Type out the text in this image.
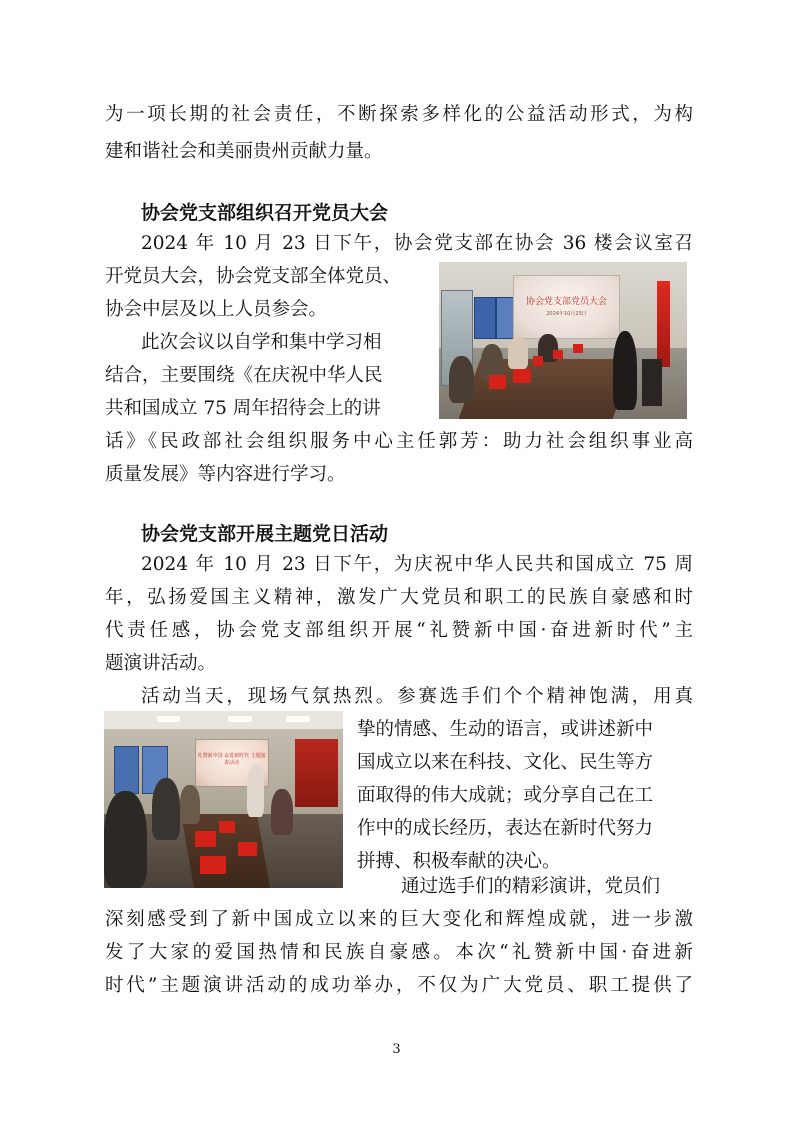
为一项长期的社会责任，不断探索多样化的公益活动形式，为构
建和谐社会和美丽贵州贡献力量。
协会党支部组织召开党员大会
2024 年 10 月 23 日下午，协会党支部在协会 36 楼会议室召
开党员大会，协会党支部全体党员、
协会中层及以上人员参会。
此次会议以自学和集中学习相
结合，主要围绕《在庆祝中华人民
共和国成立 75 周年招待会上的讲
话》《民政部社会组织服务中心主任郭芳：助力社会组织事业高
质量发展》等内容进行学习。
协会党支部党员大会
2024年10月23日
协会党支部开展主题党日活动
2024 年 10 月 23 日下午，为庆祝中华人民共和国成立 75 周
年，弘扬爱国主义精神，激发广大党员和职工的民族自豪感和时
代责任感，协会党支部组织开展“礼赞新中国·奋进新时代”主
题演讲活动。
活动当天，现场气氛热烈。参赛选手们个个精神饱满，用真
挚的情感、生动的语言，或讲述新中
国成立以来在科技、文化、民生等方
面取得的伟大成就；或分享自己在工
作中的成长经历，表达在新时代努力
拼搏、积极奉献的决心。
通过选手们的精彩演讲，党员们
深刻感受到了新中国成立以来的巨大变化和辉煌成就，进一步激
发了大家的爱国热情和民族自豪感。本次“礼赞新中国·奋进新
时代”主题演讲活动的成功举办，不仅为广大党员、职工提供了
礼赞新中国 奋进新时代 主题演讲活动
3
